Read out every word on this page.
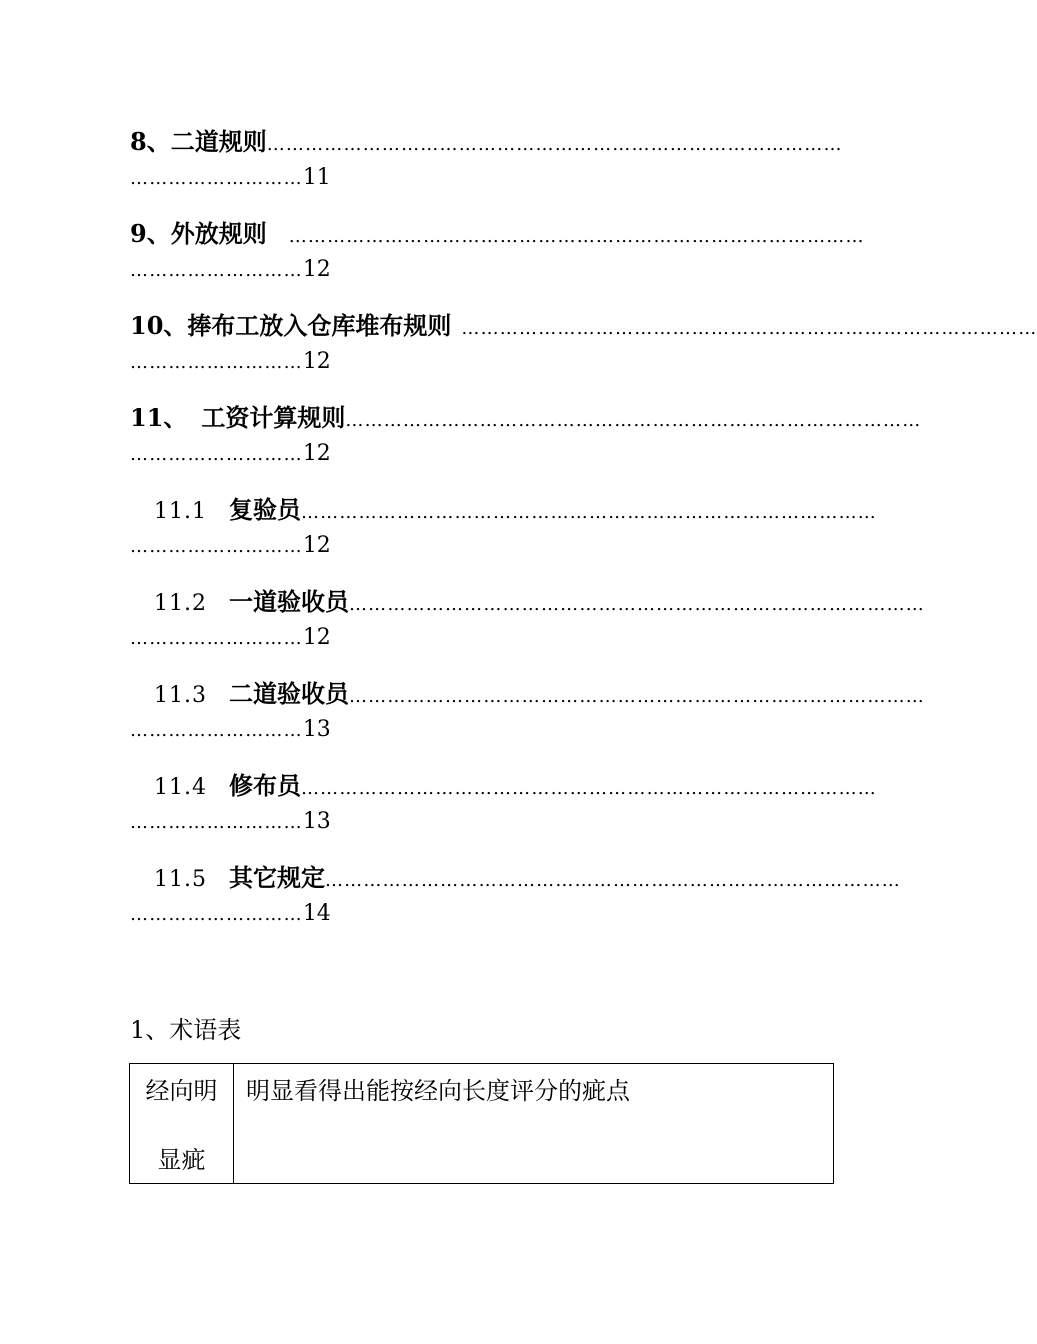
8、二道规则………………………………………………………………………………
………………………11
9、外放规则 ………………………………………………………………………………
………………………12
10、捧布工放入仓库堆布规则 ………………………………………………………………………………
………………………12
11、 工资计算规则………………………………………………………………………………
………………………12
11.1 复验员………………………………………………………………………………
………………………12
11.2 一道验收员………………………………………………………………………………
………………………12
11.3 二道验收员………………………………………………………………………………
………………………13
11.4 修布员………………………………………………………………………………
………………………13
11.5 其它规定………………………………………………………………………………
………………………14
1、术语表
经向明
显疵
	明显看得出能按经向长度评分的疵点
